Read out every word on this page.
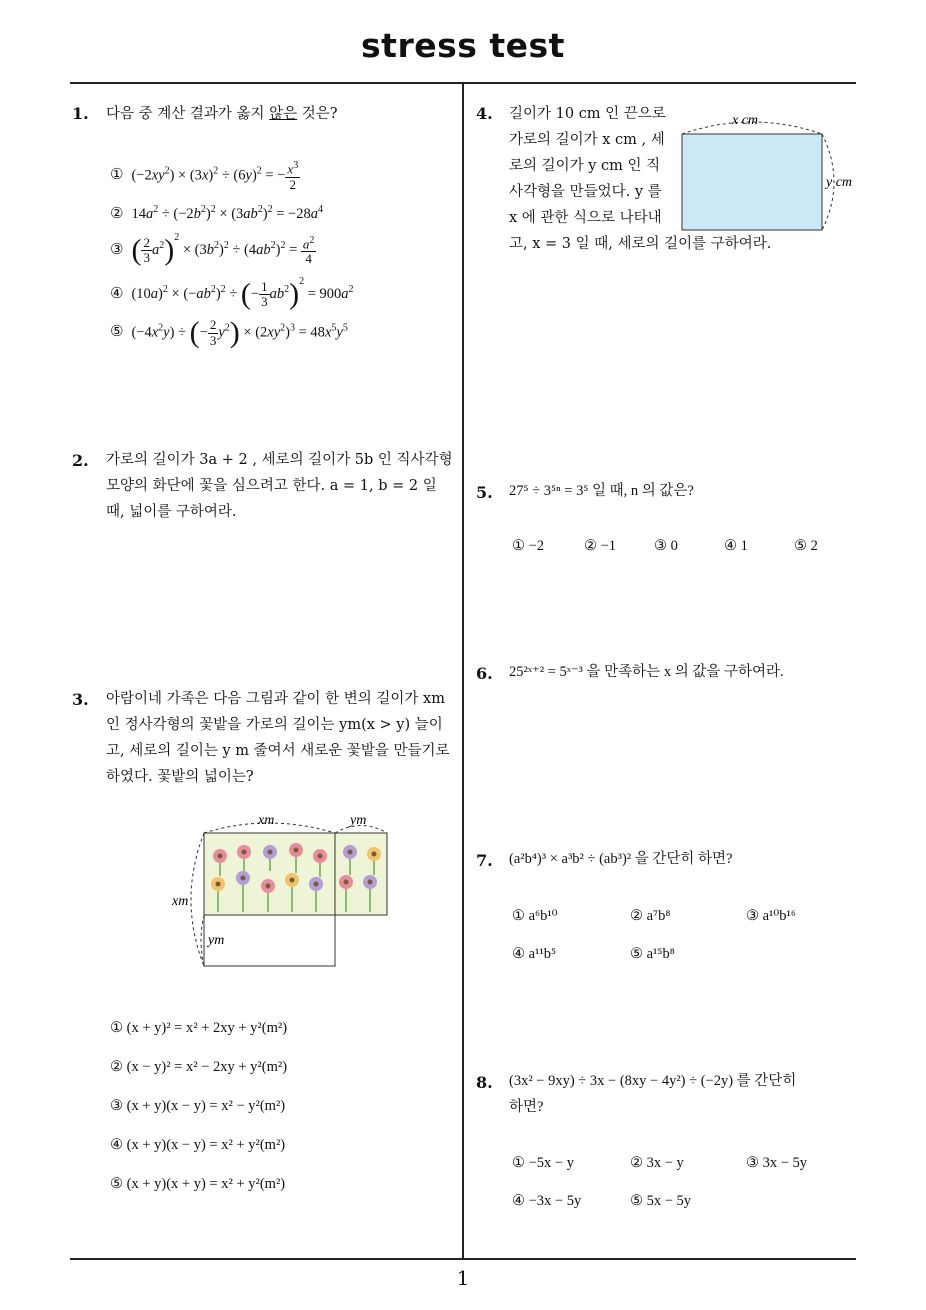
stress test
1
1. 다음 중 계산 결과가 옳지 않은 것은?
① $(-2xy^2) \times (3x)^2 \div (6y)^2$ = − $\frac{x^3}{2}$
② $14a^2 \div (-2b^2)^2 \times (3ab^2)^2 = -28a^4$
③ ( $\frac{2}{3} a^2)^2 \times (3b^2)^2 \div (4ab^2)^2 = \frac{a^2}{4}$
④ $(10a)^2 \times (-ab^2)^2$ ÷ (− $\frac{1}{3} ab^2)^2 = 900a^2$
⑤ $(-4x^2y)$ ÷ (− $\frac{2}{3} y^2) \times (2xy^2)^3 = 48x^5y^5$
2. 가로의 길이가 3a + 2 , 세로의 길이가 5b 인 직사각형
모양의 화단에 꽃을 심으려고 한다. a = 1, b = 2 일
때, 넓이를 구하여라.
3. 아람이네 가족은 다음 그림과 같이 한 변의 길이가 xm
인 정사각형의 꽃밭을 가로의 길이는 ym(x > y) 늘이
고, 세로의 길이는 y m 줄여서 새로운 꽃밭을 만들기로
하였다. 꽃밭의 넓이는?
xm	ym
xm
ym
① (x + y)² = x² + 2xy + y²(m²)
② (x − y)² = x² − 2xy + y²(m²)
③ (x + y)(x − y) = x² − y²(m²)
④ (x + y)(x − y) = x² + y²(m²)
⑤ (x + y)(x + y) = x² + y²(m²)
4. 길이가 10 cm 인 끈으로
가로의 길이가 x cm , 세
로의 길이가 y cm 인 직
사각형을 만들었다. y 를
x 에 관한 식으로 나타내
고, x = 3 일 때, 세로의 길이를 구하여라.
x cm
y cm
5. 27⁵ ÷ 3⁵ⁿ = 3⁵ 일 때, n 의 값은?
① −2	② −1	③ 0	④ 1	⑤ 2
6. 25²ˣ⁺² = 5ˣ⁻³ 을 만족하는 x 의 값을 구하여라.
7. (a²b⁴)³ × a³b² ÷ (ab³)² 을 간단히 하면?
① a⁶b¹⁰	② a⁷b⁸	③ a¹⁰b¹⁶
④ a¹¹b⁵	⑤ a¹⁵b⁸
8. (3x² − 9xy) ÷ 3x − (8xy − 4y²) ÷ (−2y) 를 간단히
하면?
① −5x − y	② 3x − y	③ 3x − 5y
④ −3x − 5y	⑤ 5x − 5y
